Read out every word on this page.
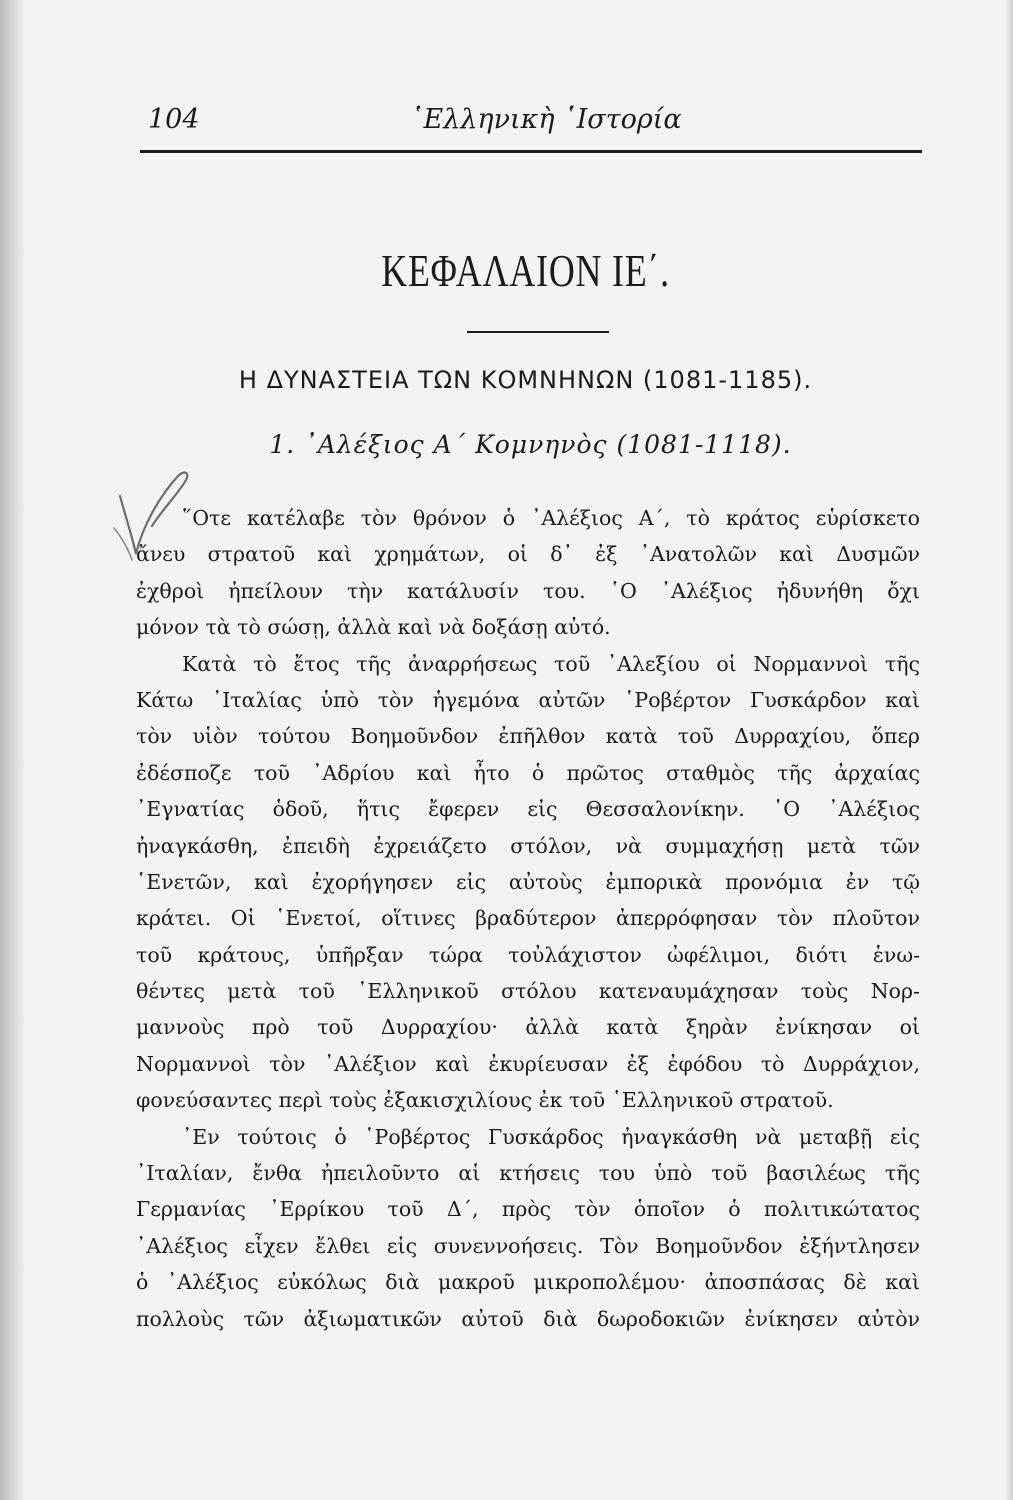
104	῾Ελληνικὴ ῾Ιστορία
ΚΕΦΑΛΑΙΟΝ ΙΕ΄.
Η ΔΥΝΑΣΤΕΙΑ ΤΩΝ ΚΟΜΝΗΝΩΝ (1081-1185).
1. ᾿Αλέξιος Α΄ Κομνηνὸς (1081-1118).
῞Οτε κατέλαβε τὸν θρόνον ὁ ᾿Αλέξιος Α΄, τὸ κράτος εὑρίσκετο
ἄνευ στρατοῦ καὶ χρημάτων, οἱ δ᾿ ἐξ ᾿Ανατολῶν καὶ Δυσμῶν
ἐχθροὶ ἠπείλουν τὴν κατάλυσίν του. ῾Ο ᾿Αλέξιος ἠδυνήθη ὄχι
μόνον τὰ τὸ σώσῃ, ἀλλὰ καὶ νὰ δοξάσῃ αὐτό.
Κατὰ τὸ ἔτος τῆς ἀναρρήσεως τοῦ ᾿Αλεξίου οἱ Νορμαννοὶ τῆς
Κάτω ᾿Ιταλίας ὑπὸ τὸν ἡγεμόνα αὐτῶν ῾Ροβέρτον Γυσκάρδον καὶ
τὸν υἱὸν τούτου Βοημοῦνδον ἐπῆλθον κατὰ τοῦ Δυρραχίου, ὅπερ
ἐδέσποζε τοῦ ᾿Αδρίου καὶ ἦτο ὁ πρῶτος σταθμὸς τῆς ἀρχαίας
᾿Εγνατίας ὁδοῦ, ἥτις ἔφερεν εἰς Θεσσαλονίκην. ῾Ο ᾿Αλέξιος
ἠναγκάσθη, ἐπειδὴ ἐχρειάζετο στόλον, νὰ συμμαχήσῃ μετὰ τῶν
῾Ενετῶν, καὶ ἐχορήγησεν εἰς αὐτοὺς ἐμπορικὰ προνόμια ἐν τῷ
κράτει. Οἱ ῾Ενετοί, οἵτινες βραδύτερον ἀπερρόφησαν τὸν πλοῦτον
τοῦ κράτους, ὑπῆρξαν τώρα τοὐλάχιστον ὠφέλιμοι, διότι ἑνω-
θέντες μετὰ τοῦ ᾿Ελληνικοῦ στόλου κατεναυμάχησαν τοὺς Νορ-
μαννοὺς πρὸ τοῦ Δυρραχίου· ἀλλὰ κατὰ ξηρὰν ἐνίκησαν οἱ
Νορμαννοὶ τὸν ᾿Αλέξιον καὶ ἐκυρίευσαν ἐξ ἐφόδου τὸ Δυρράχιον,
φονεύσαντες περὶ τοὺς ἑξακισχιλίους ἐκ τοῦ ῾Ελληνικοῦ στρατοῦ.
᾿Εν τούτοις ὁ ῾Ροβέρτος Γυσκάρδος ἠναγκάσθη νὰ μεταβῇ εἰς
᾿Ιταλίαν, ἔνθα ἠπειλοῦντο αἱ κτήσεις του ὑπὸ τοῦ βασιλέως τῆς
Γερμανίας ᾿Ερρίκου τοῦ Δ΄, πρὸς τὸν ὁποῖον ὁ πολιτικώτατος
᾿Αλέξιος εἶχεν ἔλθει εἰς συνεννοήσεις. Τὸν Βοημοῦνδον ἐξήντλησεν
ὁ ᾿Αλέξιος εὐκόλως διὰ μακροῦ μικροπολέμου· ἀποσπάσας δὲ καὶ
πολλοὺς τῶν ἀξιωματικῶν αὐτοῦ διὰ δωροδοκιῶν ἐνίκησεν αὐτὸν
